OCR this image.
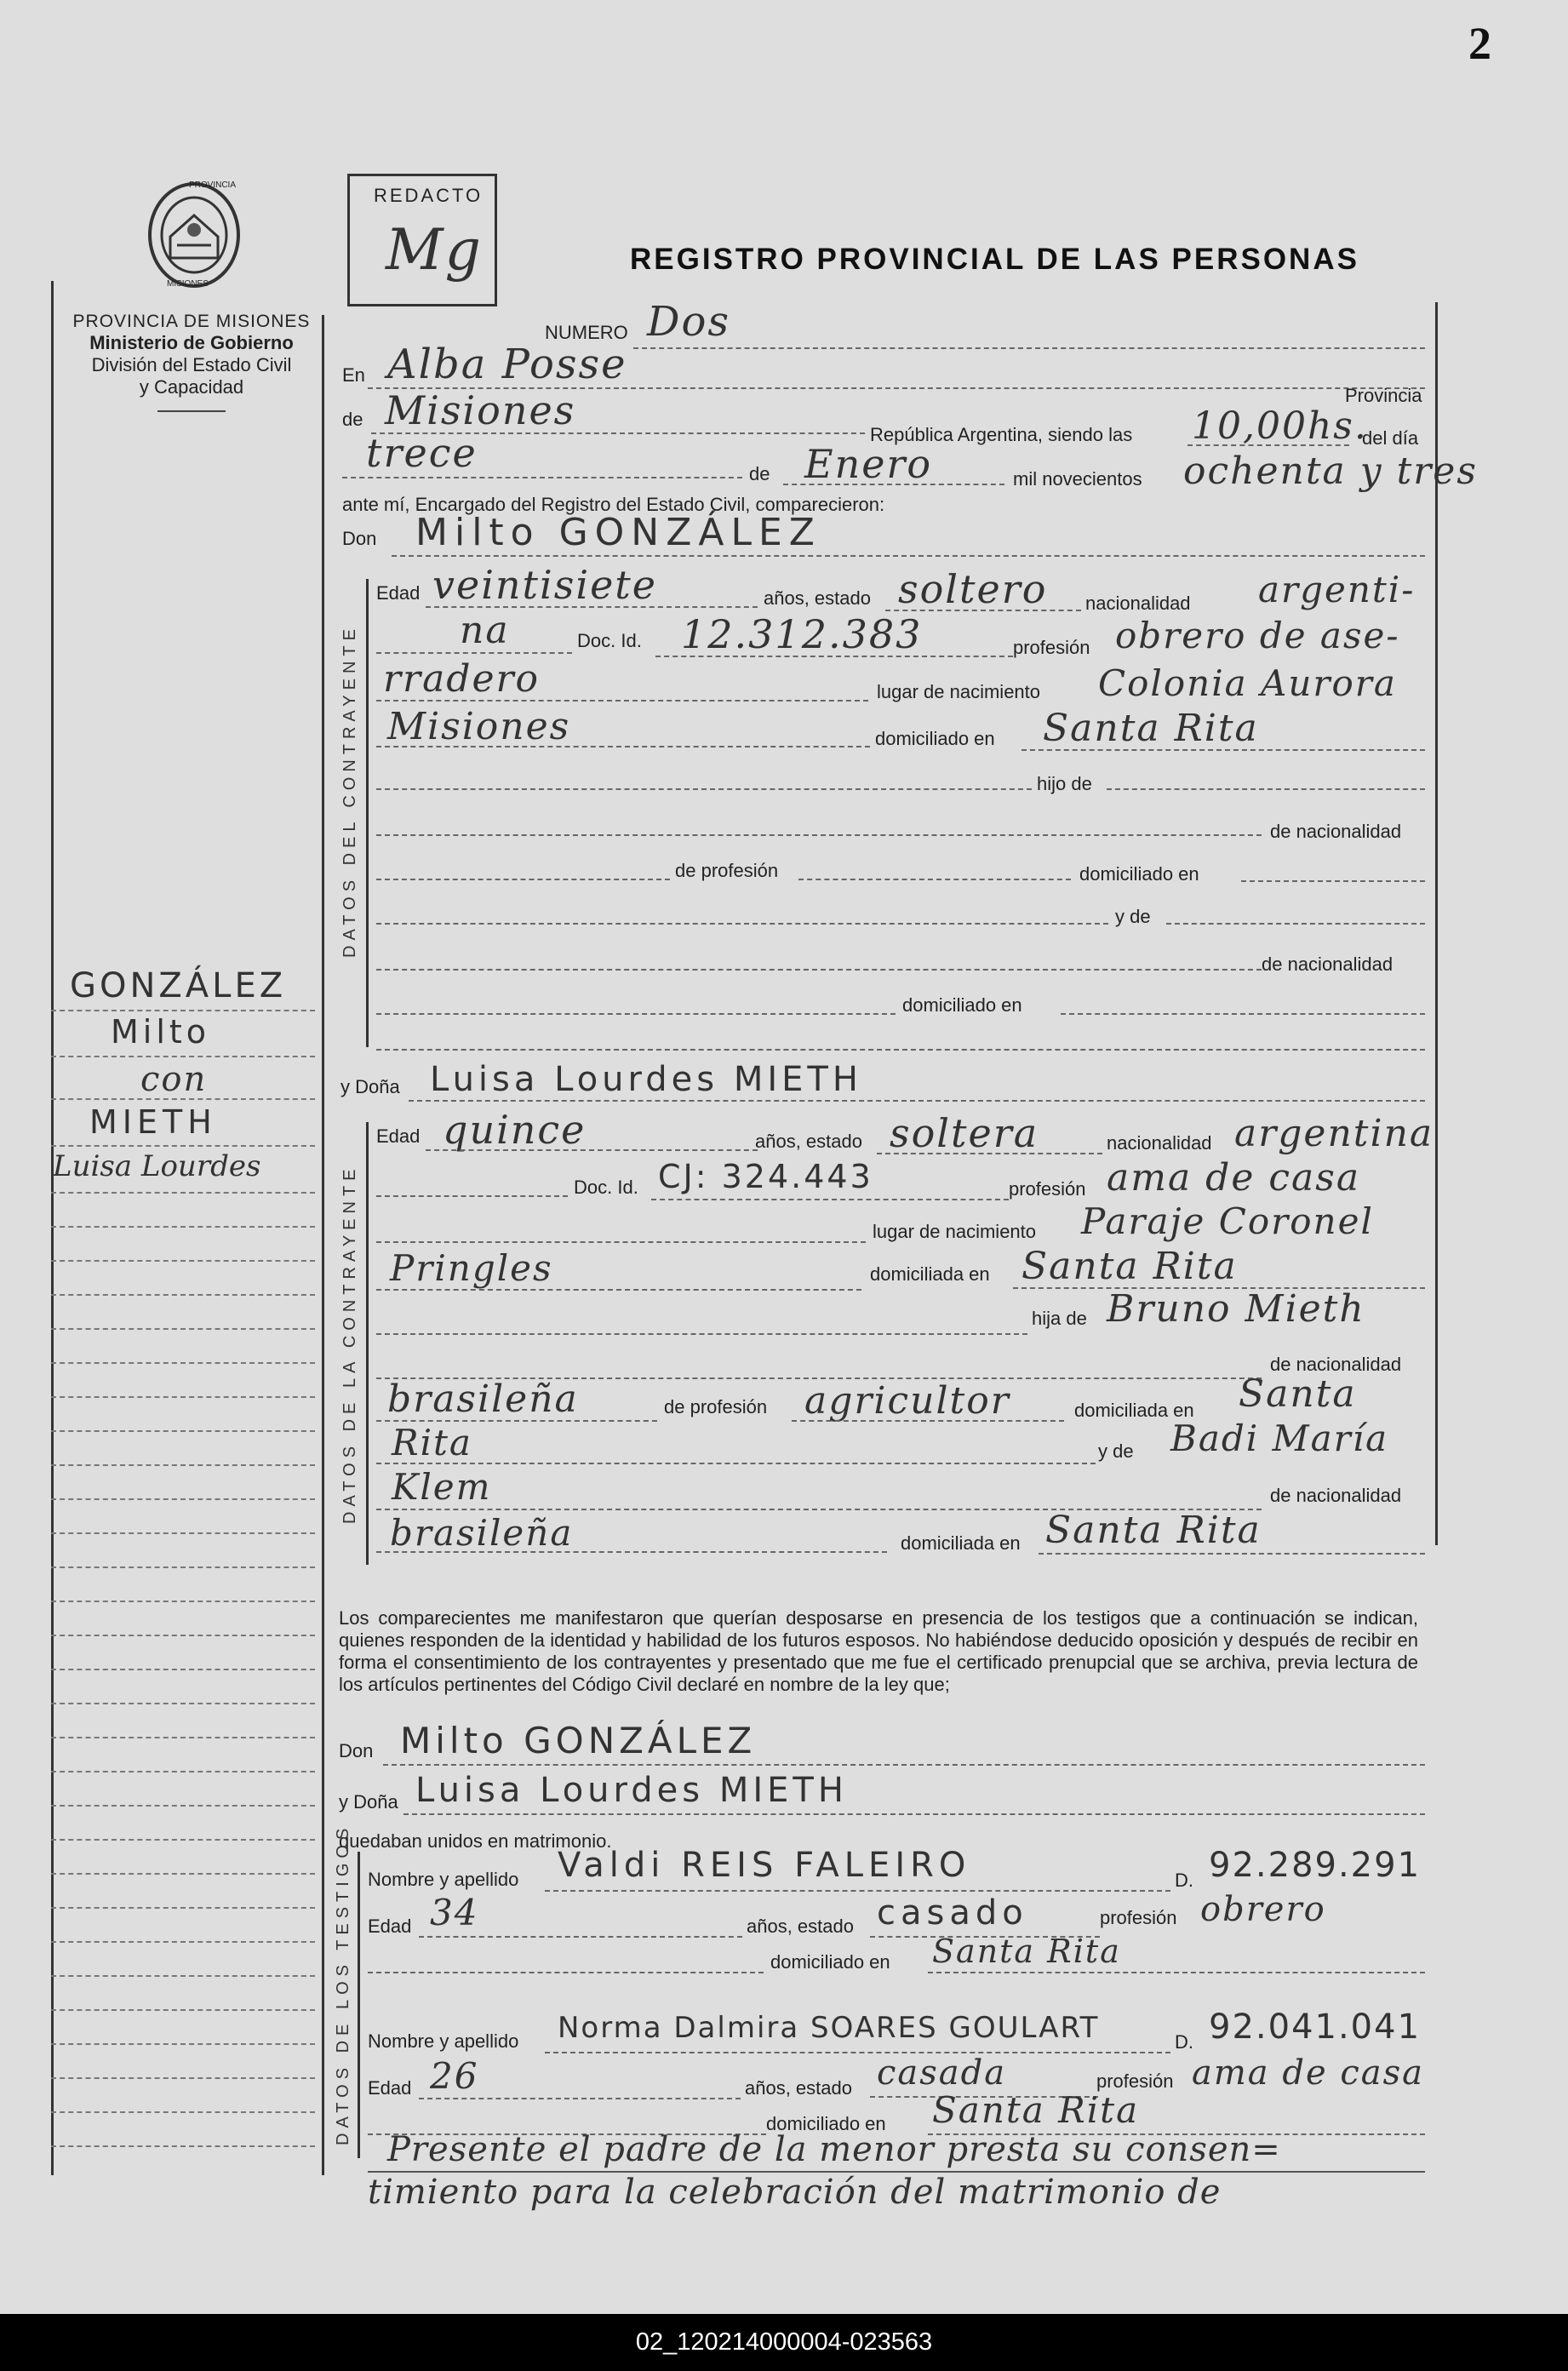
2
PROVINCIA
MISIONES
PROVINCIA DE MISIONES
Ministerio de Gobierno
División del Estado Civil
y Capacidad
REDACTO
Mg	REGISTRO PROVINCIAL DE LAS PERSONAS
NUMERO Dos
En Alba Posse
Provincia
de Misiones
República Argentina, siendo las 10,00hs.
del día
trece	de Enero	mil novecientos ochenta y tres
ante mí, Encargado del Registro del Estado Civil, comparecieron:
Don Milto GONZÁLEZ
DATOS DEL CONTRAYENTE
Edad veintisiete	años, estado soltero nacionalidad argenti-
na	Doc. Id. 12.312.383	profesión obrero de ase-
rradero	lugar de nacimiento Colonia Aurora
Misiones	domiciliado en Santa Rita
hijo de
de nacionalidad
de profesión	domiciliado en
y de
de nacionalidad
domiciliado en
y Doña Luisa Lourdes MIETH
DATOS DE LA CONTRAYENTE
Edad quince	años, estado soltera	nacionalidad argentina
Doc. Id. CJ: 324.443	profesión ama de casa
lugar de nacimiento Paraje Coronel
Pringles	domiciliada en Santa Rita
hija de Bruno Mieth
de nacionalidad
brasileña	de profesión agricultor	domiciliada en Santa
Rita	y de Badi María
Klem	de nacionalidad
brasileña	domiciliada en Santa Rita
Los comparecientes me manifestaron que querían desposarse en presencia de los testigos que a continuación se indican, quienes responden de la identidad y habilidad de los futuros esposos. No habiéndose deducido oposición y después de recibir en forma el consentimiento de los contrayentes y presentado que me fue el certificado prenupcial que se archiva, previa lectura de los artículos pertinentes del Código Civil declaré en nombre de la ley que;
Don Milto GONZÁLEZ
y Doña Luisa Lourdes MIETH
quedaban unidos en matrimonio.
DATOS DE LOS TESTIGOS Nombre y apellido Valdi REIS FALEIRO	D. 92.289.291
Edad 34	años, estado casado	profesión obrero
domiciliado en Santa Rita
Nombre y apellido Norma Dalmira SOARES GOULART	D. 92.041.041
Edad 26	años, estado casada	profesión ama de casa
domiciliado en Santa Rita
Presente el padre de la menor presta su consen=
timiento para la celebración del matrimonio de
GONZÁLEZ
Milto
con
MIETH
Luisa Lourdes
02_120214000004-023563
